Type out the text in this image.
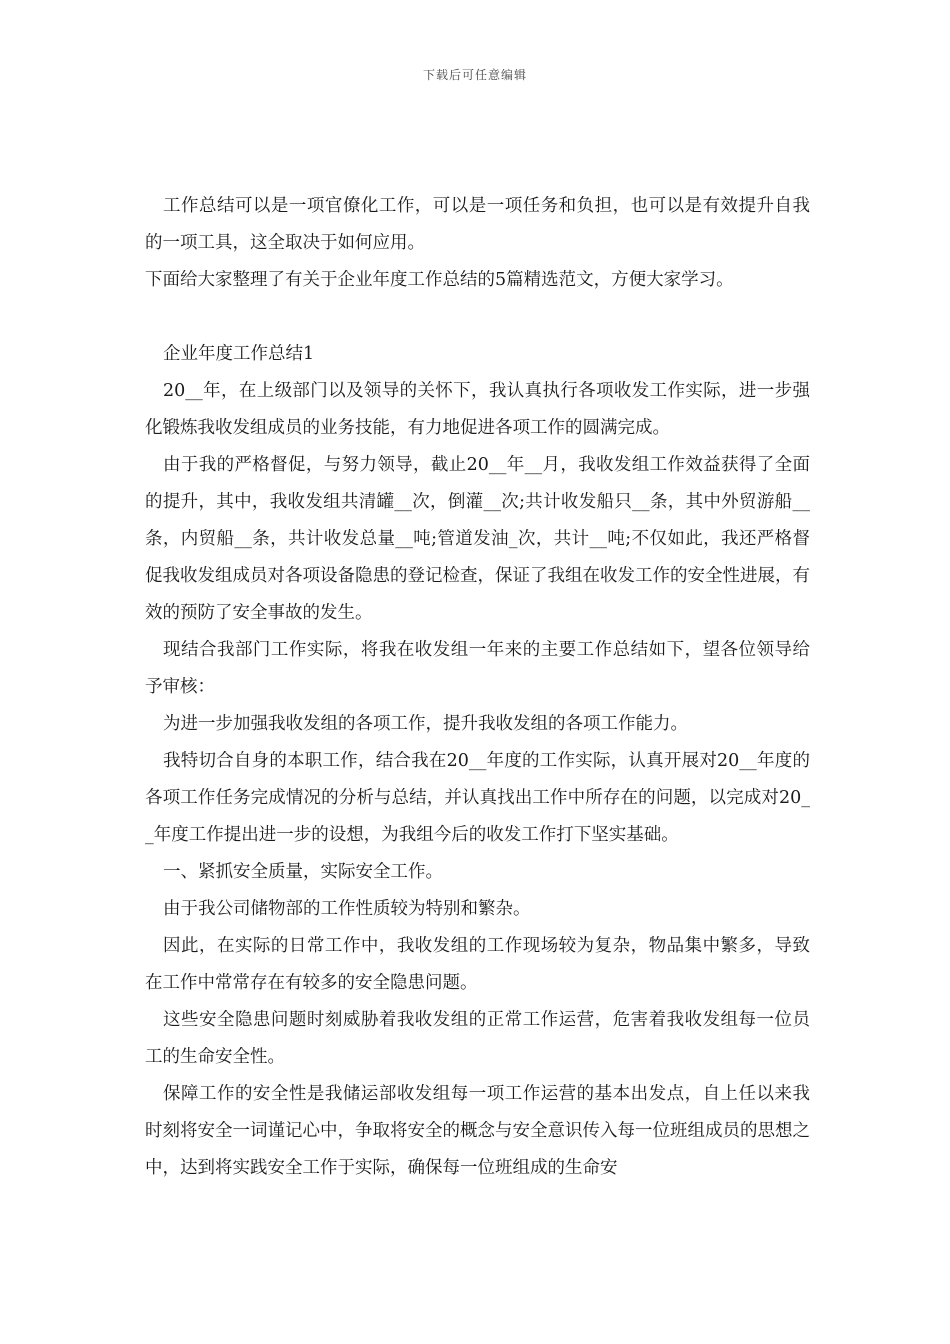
下载后可任意编辑

工作总结可以是一项官僚化工作，可以是一项任务和负担，也可以是有效提升自我的一项工具，这全取决于如何应用。

下面给大家整理了有关于企业年度工作总结的5篇精选范文，方便大家学习。

企业年度工作总结1

20__年，在上级部门以及领导的关怀下，我认真执行各项收发工作实际，进一步强化锻炼我收发组成员的业务技能，有力地促进各项工作的圆满完成。

由于我的严格督促，与努力领导，截止20__年__月，我收发组工作效益获得了全面的提升，其中，我收发组共清罐__次，倒灌__次;共计收发船只__条，其中外贸游船__条，内贸船__条，共计收发总量__吨;管道发油_次，共计__吨;不仅如此，我还严格督促我收发组成员对各项设备隐患的登记检查，保证了我组在收发工作的安全性进展，有效的预防了安全事故的发生。

现结合我部门工作实际，将我在收发组一年来的主要工作总结如下，望各位领导给予审核：

为进一步加强我收发组的各项工作，提升我收发组的各项工作能力。

我特切合自身的本职工作，结合我在20__年度的工作实际，认真开展对20__年度的各项工作任务完成情况的分析与总结，并认真找出工作中所存在的问题，以完成对20__年度工作提出进一步的设想，为我组今后的收发工作打下坚实基础。

一、紧抓安全质量，实际安全工作。

由于我公司储物部的工作性质较为特别和繁杂。

因此，在实际的日常工作中，我收发组的工作现场较为复杂，物品集中繁多，导致在工作中常常存在有较多的安全隐患问题。

这些安全隐患问题时刻威胁着我收发组的正常工作运营，危害着我收发组每一位员工的生命安全性。

保障工作的安全性是我储运部收发组每一项工作运营的基本出发点，自上任以来我时刻将安全一词谨记心中，争取将安全的概念与安全意识传入每一位班组成员的思想之中，达到将实践安全工作于实际，确保每一位班组成的生命安
